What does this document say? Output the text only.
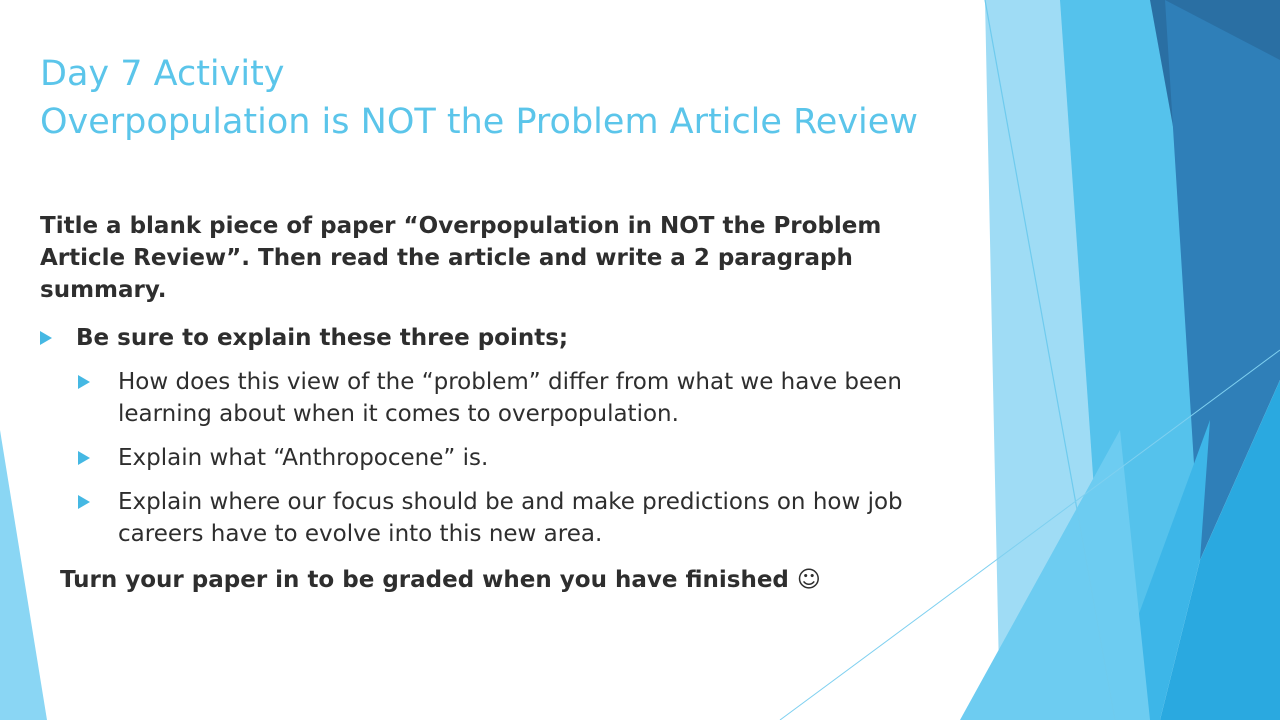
Day 7 Activity
Overpopulation is NOT the Problem Article Review

Title a blank piece of paper “Overpopulation in NOT the Problem Article Review”. Then read the article and write a 2 paragraph summary.

Be sure to explain these three points;
How does this view of the “problem” differ from what we have been learning about when it comes to overpopulation.
Explain what “Anthropocene” is.
Explain where our focus should be and make predictions on how job careers have to evolve into this new area.
Turn your paper in to be graded when you have finished ☺
